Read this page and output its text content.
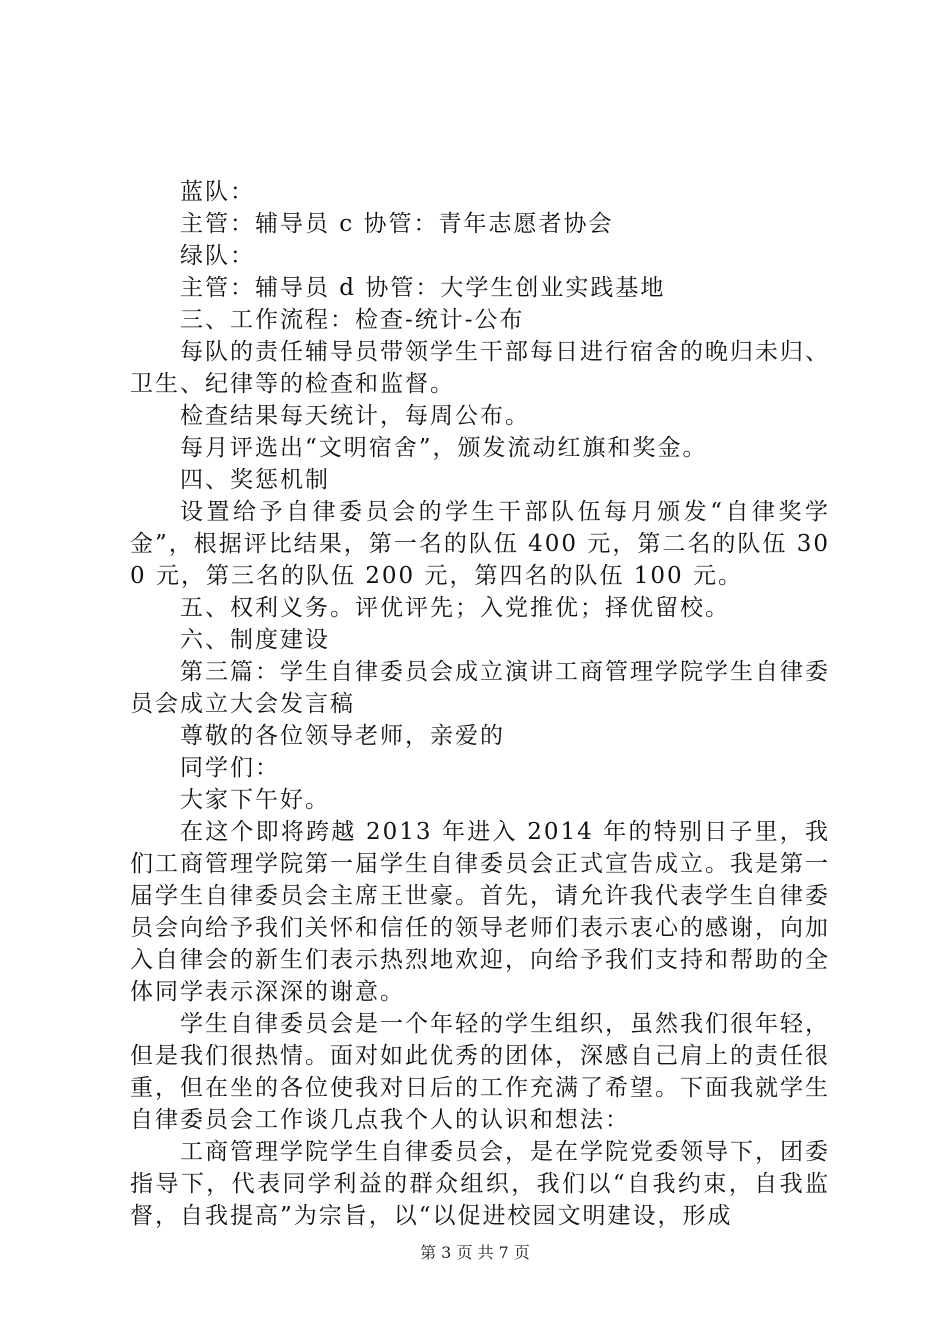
蓝队：
主管：辅导员 c 协管：青年志愿者协会
绿队：
主管：辅导员 d 协管：大学生创业实践基地
三、工作流程：检查-统计-公布
每队的责任辅导员带领学生干部每日进行宿舍的晚归未归、卫生、纪律等的检查和监督。
检查结果每天统计，每周公布。
每月评选出“文明宿舍”，颁发流动红旗和奖金。
四、奖惩机制
设置给予自律委员会的学生干部队伍每月颁发“自律奖学金”，根据评比结果，第一名的队伍 400 元，第二名的队伍 300 元，第三名的队伍 200 元，第四名的队伍 100 元。
五、权利义务。评优评先；入党推优；择优留校。
六、制度建设
第三篇：学生自律委员会成立演讲工商管理学院学生自律委员会成立大会发言稿
尊敬的各位领导老师，亲爱的
同学们：
大家下午好。
在这个即将跨越 2013 年进入 2014 年的特别日子里，我们工商管理学院第一届学生自律委员会正式宣告成立。我是第一届学生自律委员会主席王世豪。首先，请允许我代表学生自律委员会向给予我们关怀和信任的领导老师们表示衷心的感谢，向加入自律会的新生们表示热烈地欢迎，向给予我们支持和帮助的全体同学表示深深的谢意。
学生自律委员会是一个年轻的学生组织，虽然我们很年轻，但是我们很热情。面对如此优秀的团体，深感自己肩上的责任很重，但在坐的各位使我对日后的工作充满了希望。下面我就学生自律委员会工作谈几点我个人的认识和想法：
工商管理学院学生自律委员会，是在学院党委领导下，团委指导下，代表同学利益的群众组织，我们以“自我约束，自我监督，自我提高”为宗旨，以“以促进校园文明建设，形成
第 3 页 共 7 页
